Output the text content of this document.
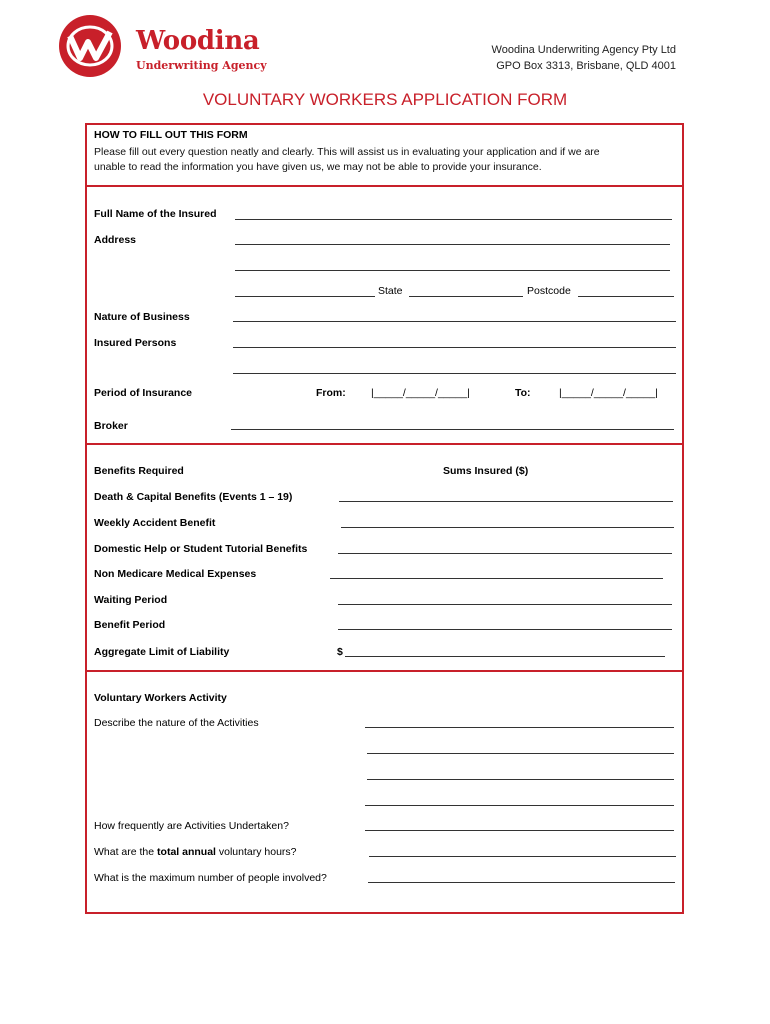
Woodina
Underwriting Agency
Woodina Underwriting Agency Pty Ltd
GPO Box 3313, Brisbane, QLD 4001
VOLUNTARY WORKERS APPLICATION FORM
HOW TO FILL OUT THIS FORM
Please fill out every question neatly and clearly. This will assist us in evaluating your application and if we are
unable to read the information you have given us, we may not be able to provide your insurance.
Full Name of the Insured
Address
State	Postcode
Nature of Business
Insured Persons
Period of Insurance	From: |_____/_____/_____|	To:	|_____/_____/_____|
Broker
Benefits Required	Sums Insured ($)
Death & Capital Benefits (Events 1 – 19)
Weekly Accident Benefit
Domestic Help or Student Tutorial Benefits
Non Medicare Medical Expenses
Waiting Period
Benefit Period
Aggregate Limit of Liability	$
Voluntary Workers Activity
Describe the nature of the Activities
How frequently are Activities Undertaken?
What are the total annual voluntary hours?
What is the maximum number of people involved?
